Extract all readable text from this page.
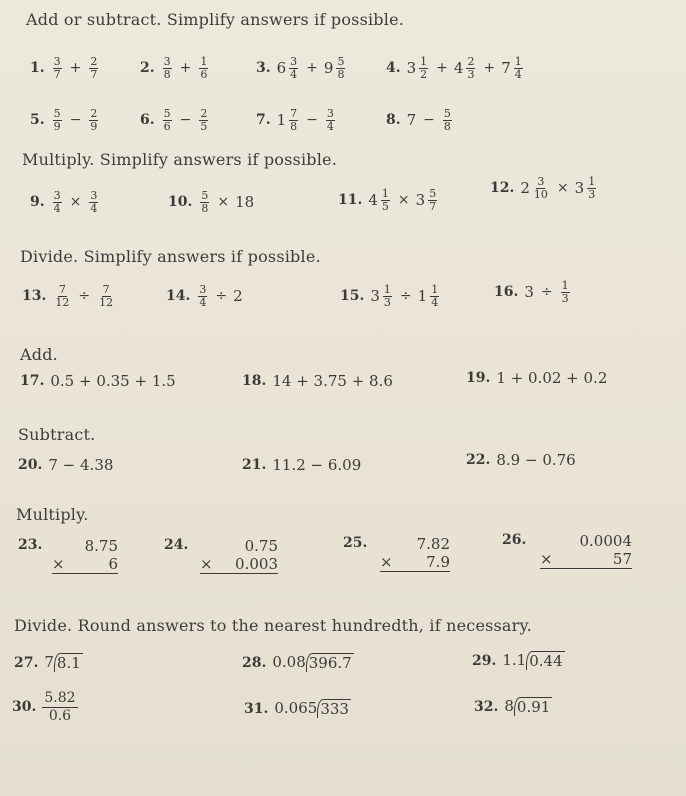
Add or subtract. Simplify answers if possible.
1. $\frac{3}{7} + \frac{2}{7}$	2. $\frac{3}{8} + \frac{1}{6}$	3. $6 \frac{3}{4} + 9 \frac{5}{8}$	4. $3 \frac{1}{2} + 4 \frac{2}{3} + 7 \frac{1}{4}$
5. $\frac{5}{9} - \frac{2}{9}$	6. $\frac{5}{6} - \frac{2}{5}$	7. $1 \frac{7}{8} - \frac{3}{4}$	8. $7 - \frac{5}{8}$
Multiply. Simplify answers if possible.
9. $\frac{3}{4} \times \frac{3}{4}$	10. $\frac{5}{8} \times 18$	11. $4 \frac{1}{5} \times 3 \frac{5}{7}$	12. $2 \frac{3}{10} \times 3 \frac{1}{3}$
Divide. Simplify answers if possible.
13. $\frac{7}{12} \div \frac{7}{12}$	14. $\frac{3}{4} \div 2$	15. $3 \frac{1}{3} \div 1 \frac{1}{4}$	16. $3 \div \frac{1}{3}$
Add.
17. 0.5 + 0.35 + 1.5	18. 14 + 3.75 + 8.6	19. 1 + 0.02 + 0.2
Subtract.
20. 7 − 4.38	21. 11.2 − 6.09	22. 8.9 − 0.76
Multiply.
23.	8.75
×	6
24.	0.75
× 0.003
25.	7.82
× 7.9
26.	0.0004
×	57
Divide. Round answers to the nearest hundredth, if necessary.
27. 7 8.1	28. 0.08 396.7	29. 1.1 0.44
30. $\frac{5.82}{0.6}$	31. 0.065 333	32. 8 0.91
